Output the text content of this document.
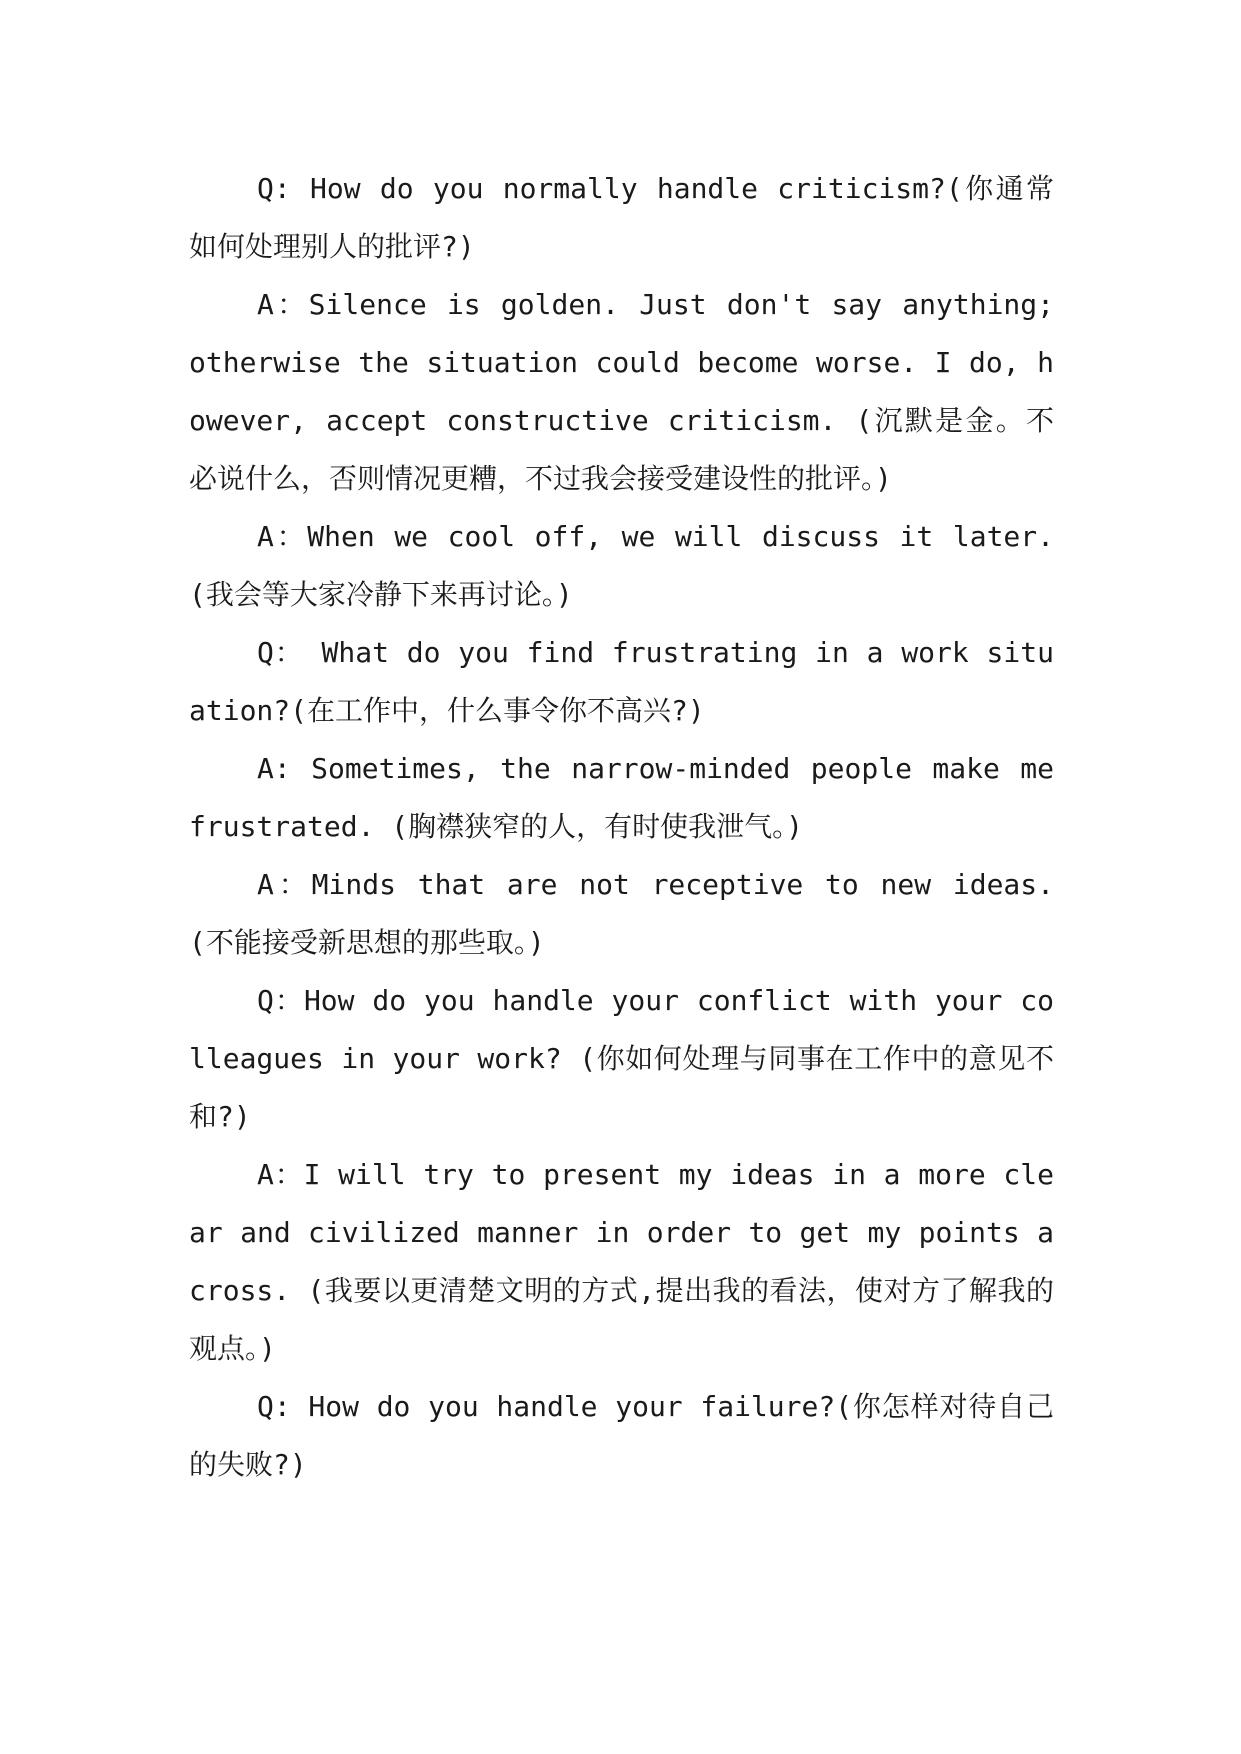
Q: How do you normally handle criticism?(你通常如何处理别人的批评?)

A：Silence is golden. Just don't say anything; otherwise the situation could become worse. I do, however, accept constructive criticism. (沉默是金。不必说什么，否则情况更糟，不过我会接受建设性的批评。)

A：When we cool off, we will discuss it later.(我会等大家冷静下来再讨论。)

Q： What do you find frustrating in a work situation?(在工作中，什么事令你不高兴?)

A: Sometimes, the narrow-minded people make me frustrated. (胸襟狭窄的人，有时使我泄气。)

A：Minds that are not receptive to new ideas.(不能接受新思想的那些取。)

Q：How do you handle your conflict with your colleagues in your work? (你如何处理与同事在工作中的意见不和?)

A：I will try to present my ideas in a more clear and civilized manner in order to get my points across. (我要以更清楚文明的方式,提出我的看法，使对方了解我的观点。)

Q: How do you handle your failure?(你怎样对待自己的失败?)
